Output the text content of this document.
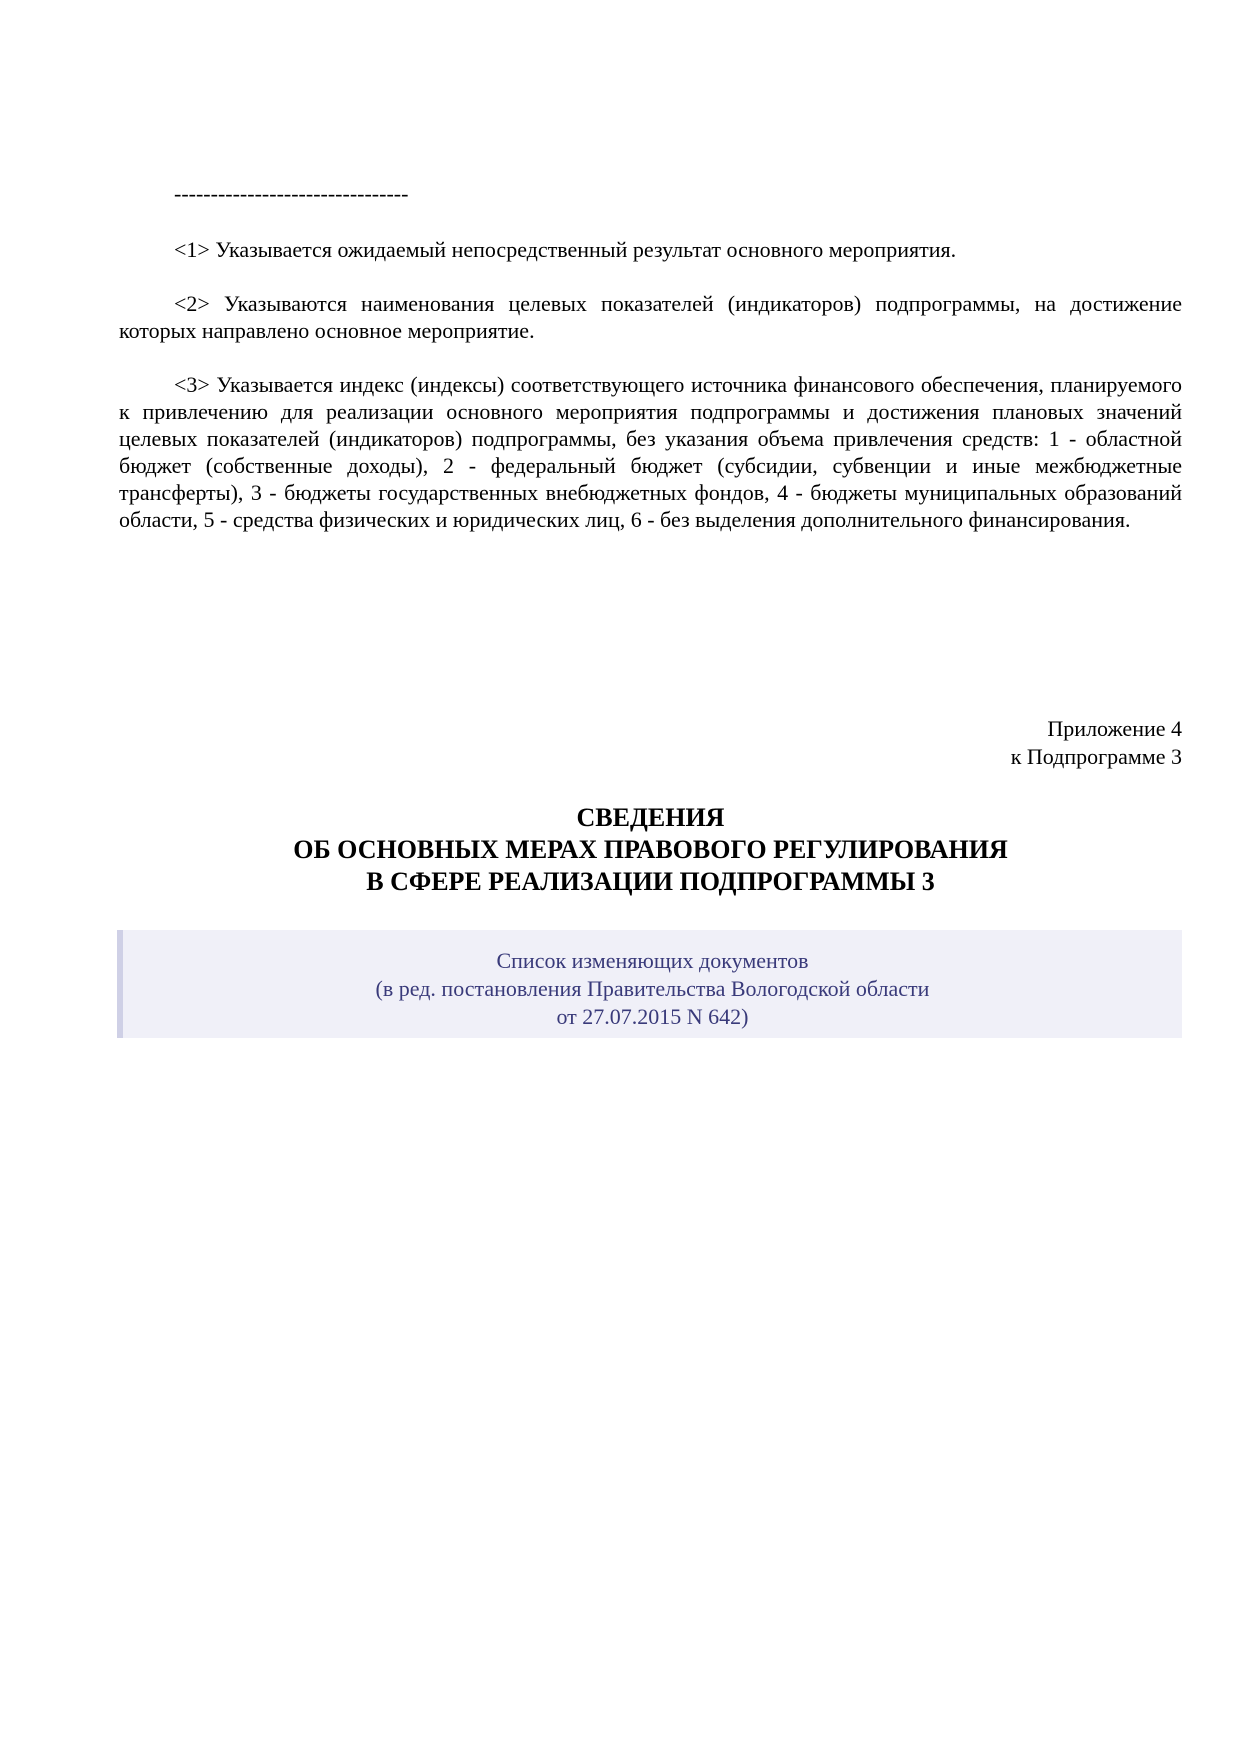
--------------------------------
<1> Указывается ожидаемый непосредственный результат основного мероприятия.
<2> Указываются наименования целевых показателей (индикаторов) подпрограммы, на достижение которых направлено основное мероприятие.
<3> Указывается индекс (индексы) соответствующего источника финансового обеспечения, планируемого к привлечению для реализации основного мероприятия подпрограммы и достижения плановых значений целевых показателей (индикаторов) подпрограммы, без указания объема привлечения средств: 1 - областной бюджет (собственные доходы), 2 - федеральный бюджет (субсидии, субвенции и иные межбюджетные трансферты), 3 - бюджеты государственных внебюджетных фондов, 4 - бюджеты муниципальных образований области, 5 - средства физических и юридических лиц, 6 - без выделения дополнительного финансирования.
Приложение 4
к Подпрограмме 3
СВЕДЕНИЯ
ОБ ОСНОВНЫХ МЕРАХ ПРАВОВОГО РЕГУЛИРОВАНИЯ
В СФЕРЕ РЕАЛИЗАЦИИ ПОДПРОГРАММЫ 3
Список изменяющих документов
(в ред. постановления Правительства Вологодской области
от 27.07.2015 N 642)
